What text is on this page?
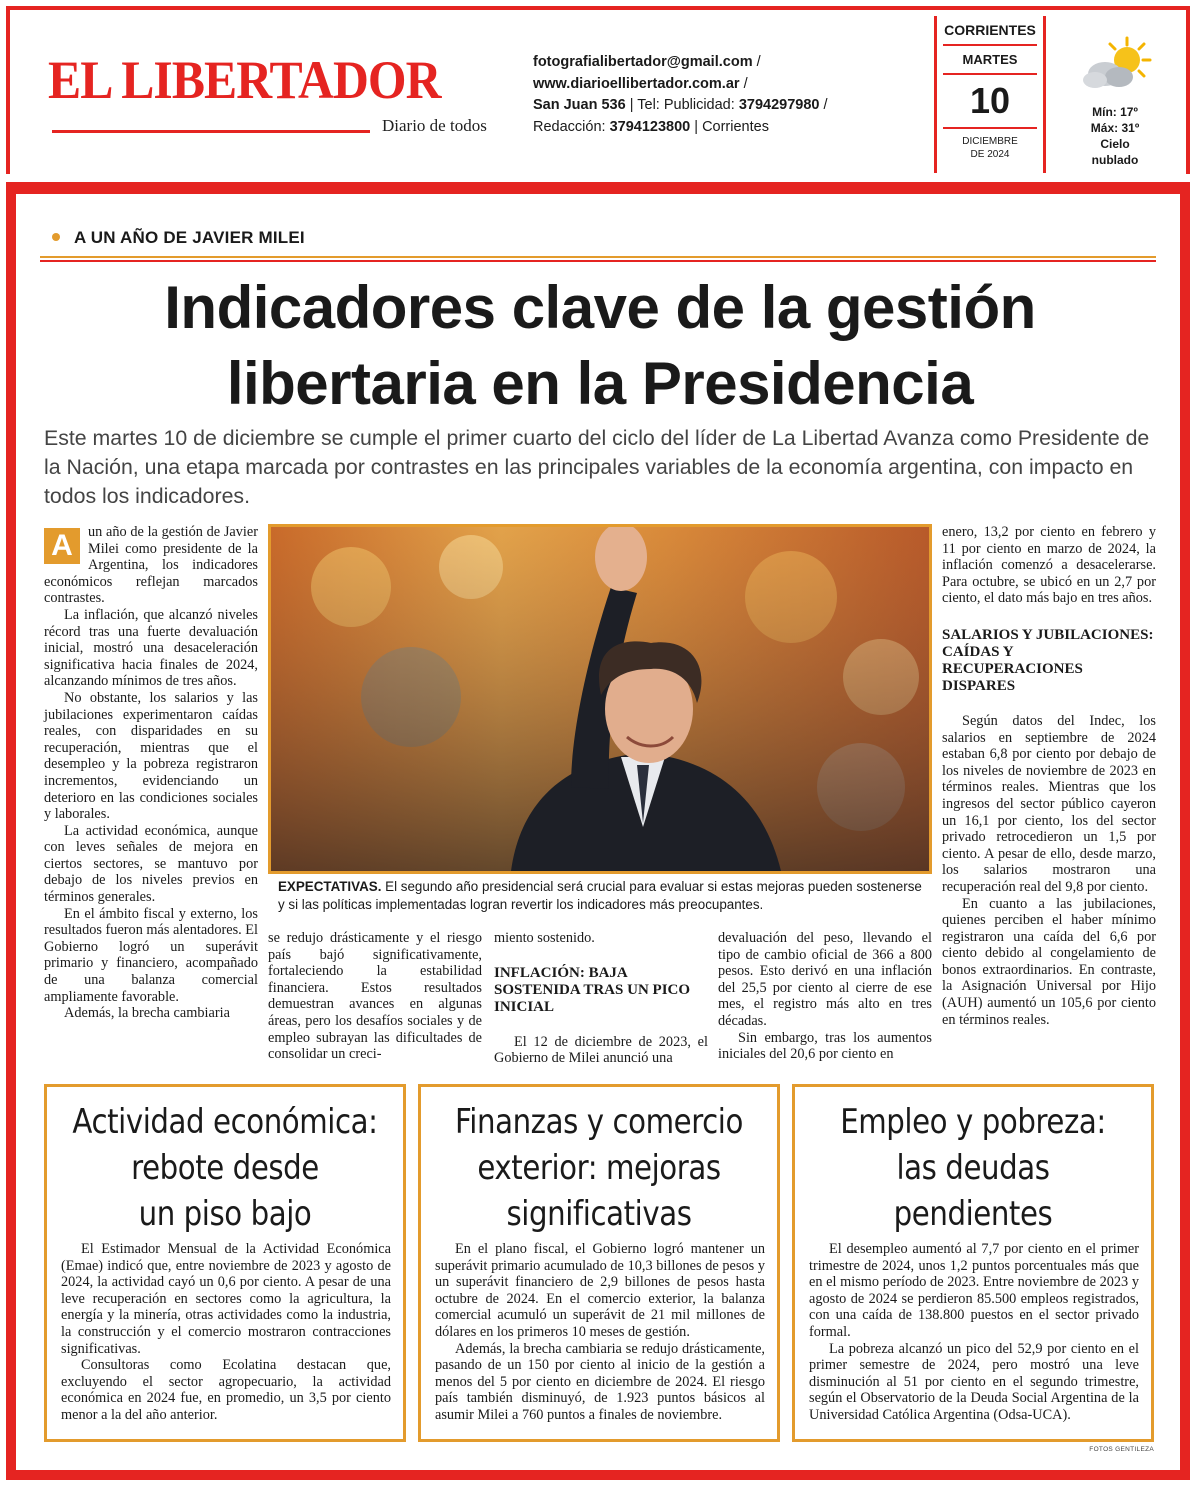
EL LIBERTADOR
Diario de todos
fotografialibertador@gmail.com /
www.diarioellibertador.com.ar /
San Juan 536 | Tel: Publicidad: 3794297980 /
Redacción: 3794123800 | Corrientes
CORRIENTES
MARTES
10
DICIEMBRE
DE 2024
Mín: 17º
Máx: 31º
Cielo
nublado
A UN AÑO DE JAVIER MILEI
Indicadores clave de la gestión
libertaria en la Presidencia
Este martes 10 de diciembre se cumple el primer cuarto del ciclo del líder de La Libertad Avanza como Presidente de la Nación, una etapa marcada por contrastes en las principales variables de la economía argentina, con impacto en todos los indicadores.
A	un año de la gestión de Javier Milei como presidente de la Argentina, los indicadores económicos reflejan marcados contrastes.

La inflación, que alcanzó niveles récord tras una fuerte devaluación inicial, mostró una desaceleración significativa hacia finales de 2024, alcanzando mínimos de tres años.

No obstante, los salarios y las jubilaciones experimentaron caídas reales, con disparidades en su recuperación, mientras que el desempleo y la pobreza registraron incrementos, evidenciando un deterioro en las condiciones sociales y laborales.

La actividad económica, aunque con leves señales de mejora en ciertos sectores, se mantuvo por debajo de los niveles previos en términos generales.

En el ámbito fiscal y externo, los resultados fueron más alentadores. El Gobierno logró un superávit primario y financiero, acompañado de una balanza comercial ampliamente favorable.

Además, la brecha cambiaria

EXPECTATIVAS. El segundo año presidencial será crucial para evaluar si estas mejoras pueden sostenerse y si las políticas implementadas logran revertir los indicadores más preocupantes.

se redujo drásticamente y el riesgo país bajó significativamente, fortaleciendo la estabilidad financiera. Estos resultados demuestran avances en algunas áreas, pero los desafíos sociales y de empleo subrayan las dificultades de consolidar un creci-

miento sostenido.

INFLACIÓN: BAJA SOSTENIDA TRAS UN PICO INICIAL

El 12 de diciembre de 2023, el Gobierno de Milei anunció una

devaluación del peso, llevando el tipo de cambio oficial de 366 a 800 pesos. Esto derivó en una inflación del 25,5 por ciento al cierre de ese mes, el registro más alto en tres décadas.

Sin embargo, tras los aumentos iniciales del 20,6 por ciento en

enero, 13,2 por ciento en febrero y 11 por ciento en marzo de 2024, la inflación comenzó a desacelerarse. Para octubre, se ubicó en un 2,7 por ciento, el dato más bajo en tres años.

SALARIOS Y JUBILACIONES: CAÍDAS Y RECUPERACIONES DISPARES

Según datos del Indec, los salarios en septiembre de 2024 estaban 6,8 por ciento por debajo de los niveles de noviembre de 2023 en términos reales. Mientras que los ingresos del sector público cayeron un 16,1 por ciento, los del sector privado retrocedieron un 1,5 por ciento. A pesar de ello, desde marzo, los salarios mostraron una recuperación real del 9,8 por ciento.

En cuanto a las jubilaciones, quienes perciben el haber mínimo registraron una caída del 6,6 por ciento debido al congelamiento de bonos extraordinarios. En contraste, la Asignación Universal por Hijo (AUH) aumentó un 105,6 por ciento en términos reales.

Actividad económica:
rebote desde
un piso bajo

El Estimador Mensual de la Actividad Económica (Emae) indicó que, entre noviembre de 2023 y agosto de 2024, la actividad cayó un 0,6 por ciento. A pesar de una leve recuperación en sectores como la agricultura, la energía y la minería, otras actividades como la industria, la construcción y el comercio mostraron contracciones significativas.

Consultoras como Ecolatina destacan que, excluyendo el sector agropecuario, la actividad económica en 2024 fue, en promedio, un 3,5 por ciento menor a la del año anterior.

Finanzas y comercio
exterior: mejoras
significativas

En el plano fiscal, el Gobierno logró mantener un superávit primario acumulado de 10,3 billones de pesos y un superávit financiero de 2,9 billones de pesos hasta octubre de 2024. En el comercio exterior, la balanza comercial acumuló un superávit de 21 mil millones de dólares en los primeros 10 meses de gestión.

Además, la brecha cambiaria se redujo drásticamente, pasando de un 150 por ciento al inicio de la gestión a menos del 5 por ciento en diciembre de 2024. El riesgo país también disminuyó, de 1.923 puntos básicos al asumir Milei a 760 puntos a finales de noviembre.

Empleo y pobreza:
las deudas
pendientes

El desempleo aumentó al 7,7 por ciento en el primer trimestre de 2024, unos 1,2 puntos porcentuales más que en el mismo período de 2023. Entre noviembre de 2023 y agosto de 2024 se perdieron 85.500 empleos registrados, con una caída de 138.800 puestos en el sector privado formal.

La pobreza alcanzó un pico del 52,9 por ciento en el primer semestre de 2024, pero mostró una leve disminución al 51 por ciento en el segundo trimestre, según el Observatorio de la Deuda Social Argentina de la Universidad Católica Argentina (Odsa-UCA).

FOTOS GENTILEZA
